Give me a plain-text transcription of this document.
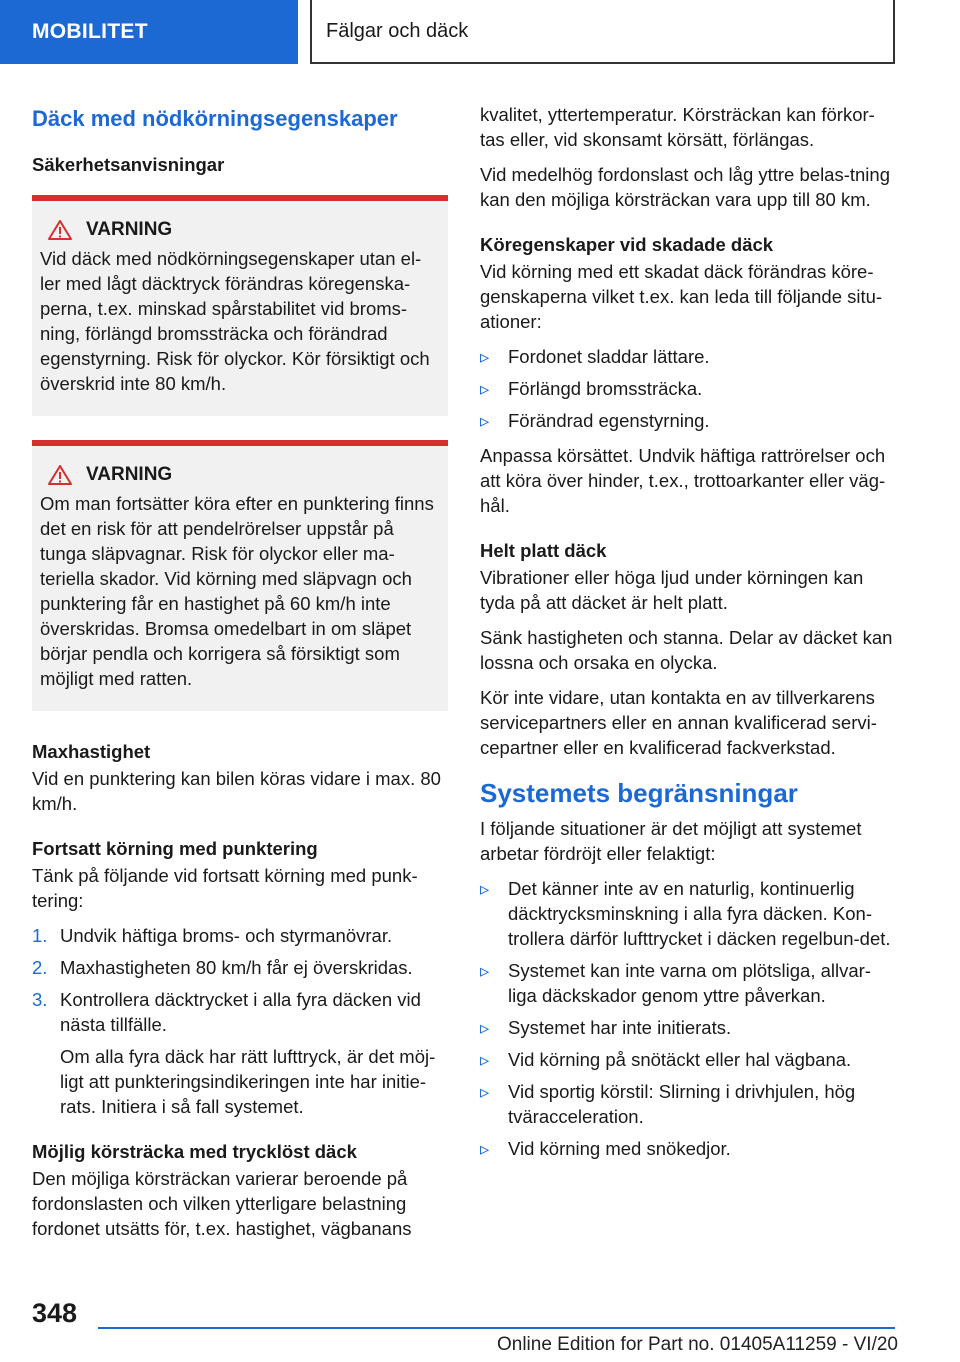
MOBILITET	Fälgar och däck
Däck med nödkörningsegenskaper
Säkerhetsanvisningar
VARNING
Vid däck med nödkörningsegenskaper utan el-ler med lågt däcktryck förändras köregenska-perna, t.ex. minskad spårstabilitet vid broms-ning, förlängd bromssträcka och förändrad egenstyrning. Risk för olyckor. Kör försiktigt och överskrid inte 80 km/h.
VARNING
Om man fortsätter köra efter en punktering finns det en risk för att pendelrörelser uppstår på tunga släpvagnar. Risk för olyckor eller ma-teriella skador. Vid körning med släpvagn och punktering får en hastighet på 60 km/h inte överskridas. Bromsa omedelbart in om släpet börjar pendla och korrigera så försiktigt som möjligt med ratten.
Maxhastighet

Vid en punktering kan bilen köras vidare i max. 80 km/h.

Fortsatt körning med punktering

Tänk på följande vid fortsatt körning med punk-tering:

1. Undvik häftiga broms- och styrmanövrar.
2. Maxhastigheten 80 km/h får ej överskridas.
3. Kontrollera däcktrycket i alla fyra däcken vid nästa tillfälle.
Om alla fyra däck har rätt lufttryck, är det möj-ligt att punkteringsindikeringen inte har initie-rats. Initiera i så fall systemet.
Möjlig körsträcka med trycklöst däck

Den möjliga körsträckan varierar beroende på fordonslasten och vilken ytterligare belastning fordonet utsätts för, t.ex. hastighet, vägbanans

kvalitet, yttertemperatur. Körsträckan kan förkor-tas eller, vid skonsamt körsätt, förlängas.

Vid medelhög fordonslast och låg yttre belas-tning kan den möjliga körsträckan vara upp till 80 km.

Köregenskaper vid skadade däck

Vid körning med ett skadat däck förändras köre-genskaperna vilket t.ex. kan leda till följande situ-ationer:

▹	Fordonet sladdar lättare.
▹	Förlängd bromssträcka.
▹	Förändrad egenstyrning.

Anpassa körsättet. Undvik häftiga rattrörelser och att köra över hinder, t.ex., trottoarkanter eller väg-hål.

Helt platt däck

Vibrationer eller höga ljud under körningen kan tyda på att däcket är helt platt.

Sänk hastigheten och stanna. Delar av däcket kan lossna och orsaka en olycka.

Kör inte vidare, utan kontakta en av tillverkarens servicepartners eller en annan kvalificerad servi-cepartner eller en kvalificerad fackverkstad.

Systemets begränsningar

I följande situationer är det möjligt att systemet arbetar fördröjt eller felaktigt:

▹	Det känner inte av en naturlig, kontinuerlig däcktrycksminskning i alla fyra däcken. Kon-trollera därför lufttrycket i däcken regelbun-det.
▹	Systemet kan inte varna om plötsliga, allvar-liga däckskador genom yttre påverkan.
▹	Systemet har inte initierats.
▹	Vid körning på snötäckt eller hal vägbana.
▹	Vid sportig körstil: Slirning i drivhjulen, hög tväracceleration.
▹	Vid körning med snökedjor.
348
Online Edition for Part no. 01405A11259 - VI/20
